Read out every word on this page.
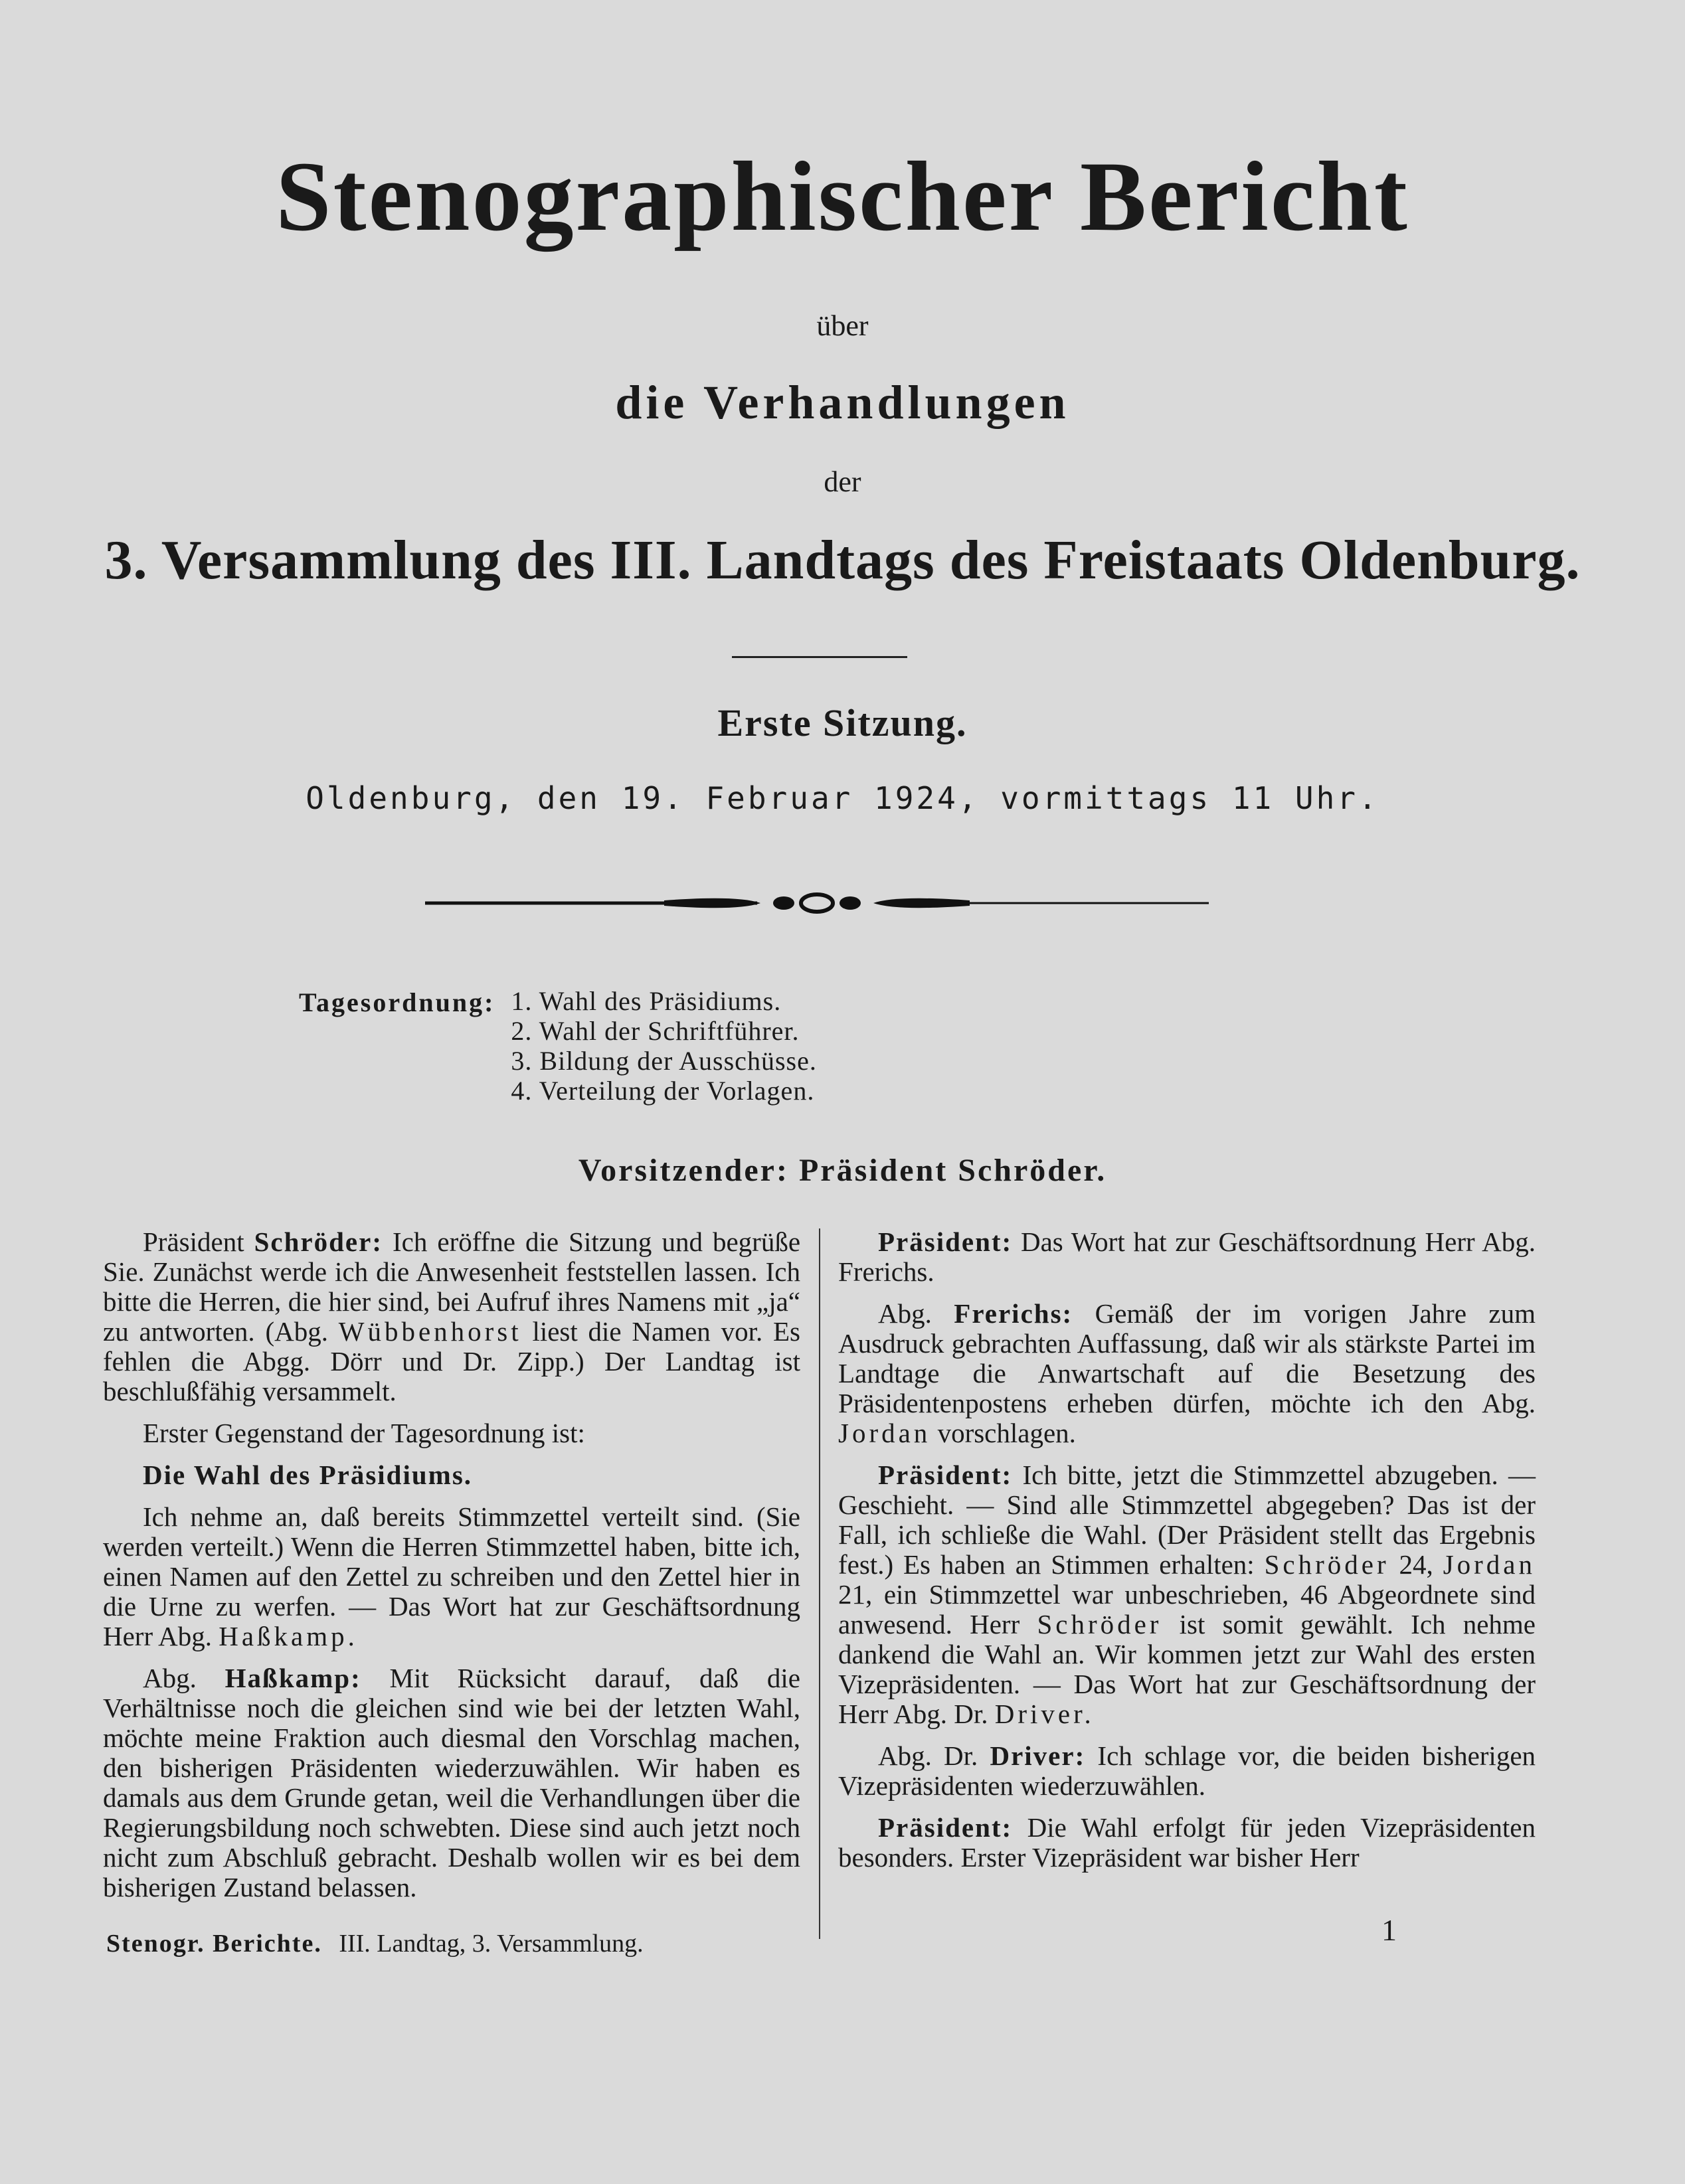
Stenographischer Bericht
über
die Verhandlungen
der
3. Versammlung des III. Landtags des Freistaats Oldenburg.
Erste Sitzung.
Oldenburg, den 19. Februar 1924, vormittags 11 Uhr.
Tagesordnung: 1. Wahl des Präsidiums.
2. Wahl der Schriftführer.
3. Bildung der Ausschüsse.
4. Verteilung der Vorlagen.
Vorsitzender: Präsident Schröder.

Präsident Schröder: Ich eröffne die Sitzung und begrüße Sie. Zunächst werde ich die Anwesenheit feststellen lassen. Ich bitte die Herren, die hier sind, bei Aufruf ihres Namens mit „ja“ zu antworten. (Abg. Wübbenhorst liest die Namen vor. Es fehlen die Abgg. Dörr und Dr. Zipp.) Der Landtag ist beschlußfähig versammelt.

Erster Gegenstand der Tagesordnung ist:

Die Wahl des Präsidiums.

Ich nehme an, daß bereits Stimmzettel verteilt sind. (Sie werden verteilt.) Wenn die Herren Stimmzettel haben, bitte ich, einen Namen auf den Zettel zu schreiben und den Zettel hier in die Urne zu werfen. — Das Wort hat zur Geschäftsordnung Herr Abg. Haßkamp.

Abg. Haßkamp: Mit Rücksicht darauf, daß die Verhältnisse noch die gleichen sind wie bei der letzten Wahl, möchte meine Fraktion auch diesmal den Vorschlag machen, den bisherigen Präsidenten wiederzuwählen. Wir haben es damals aus dem Grunde getan, weil die Verhandlungen über die Regierungsbildung noch schwebten. Diese sind auch jetzt noch nicht zum Abschluß gebracht. Deshalb wollen wir es bei dem bisherigen Zustand belassen.

Präsident: Das Wort hat zur Geschäftsordnung Herr Abg. Frerichs.

Abg. Frerichs: Gemäß der im vorigen Jahre zum Ausdruck gebrachten Auffassung, daß wir als stärkste Partei im Landtage die Anwartschaft auf die Besetzung des Präsidentenpostens erheben dürfen, möchte ich den Abg. Jordan vorschlagen.

Präsident: Ich bitte, jetzt die Stimmzettel abzugeben. — Geschieht. — Sind alle Stimmzettel abgegeben? Das ist der Fall, ich schließe die Wahl. (Der Präsident stellt das Ergebnis fest.) Es haben an Stimmen erhalten: Schröder 24, Jordan 21, ein Stimmzettel war unbeschrieben, 46 Abgeordnete sind anwesend. Herr Schröder ist somit gewählt. Ich nehme dankend die Wahl an. Wir kommen jetzt zur Wahl des ersten Vizepräsidenten. — Das Wort hat zur Geschäftsordnung der Herr Abg. Dr. Driver.

Abg. Dr. Driver: Ich schlage vor, die beiden bisherigen Vizepräsidenten wiederzuwählen.

Präsident: Die Wahl erfolgt für jeden Vizepräsidenten besonders. Erster Vizepräsident war bisher Herr

Stenogr. Berichte. III. Landtag, 3. Versammlung.	1
